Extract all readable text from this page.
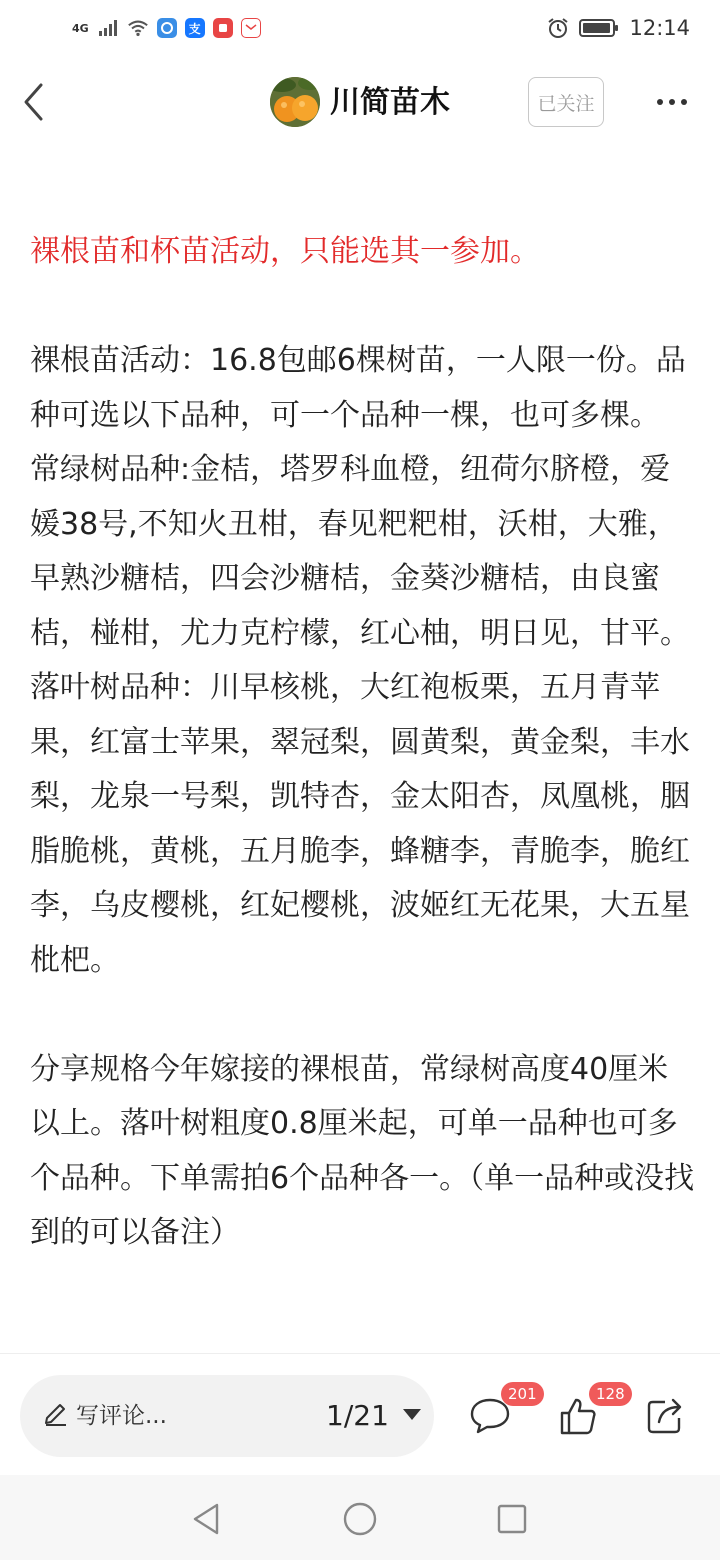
4G	支	12:14
川简苗木	已关注

裸根苗和杯苗活动，只能选其一参加。

裸根苗活动：16.8包邮6棵树苗，一人限一份。品种可选以下品种，可一个品种一棵，也可多棵。

常绿树品种:金桔，塔罗科血橙，纽荷尔脐橙，爱媛38号,不知火丑柑，春见粑粑柑，沃柑，大雅，早熟沙糖桔，四会沙糖桔，金葵沙糖桔，由良蜜桔，椪柑，尤力克柠檬，红心柚，明日见，甘平。

落叶树品种：川早核桃，大红袍板栗，五月青苹果，红富士苹果，翠冠梨，圆黄梨，黄金梨，丰水梨，龙泉一号梨，凯特杏，金太阳杏，凤凰桃，胭脂脆桃，黄桃，五月脆李，蜂糖李，青脆李，脆红李，乌皮樱桃，红妃樱桃，波姬红无花果，大五星枇杷。

分享规格今年嫁接的裸根苗，常绿树高度40厘米以上。落叶树粗度0.8厘米起，可单一品种也可多个品种。下单需拍6个品种各一。（单一品种或没找到的可以备注）

写评论...	1/21
201	128
